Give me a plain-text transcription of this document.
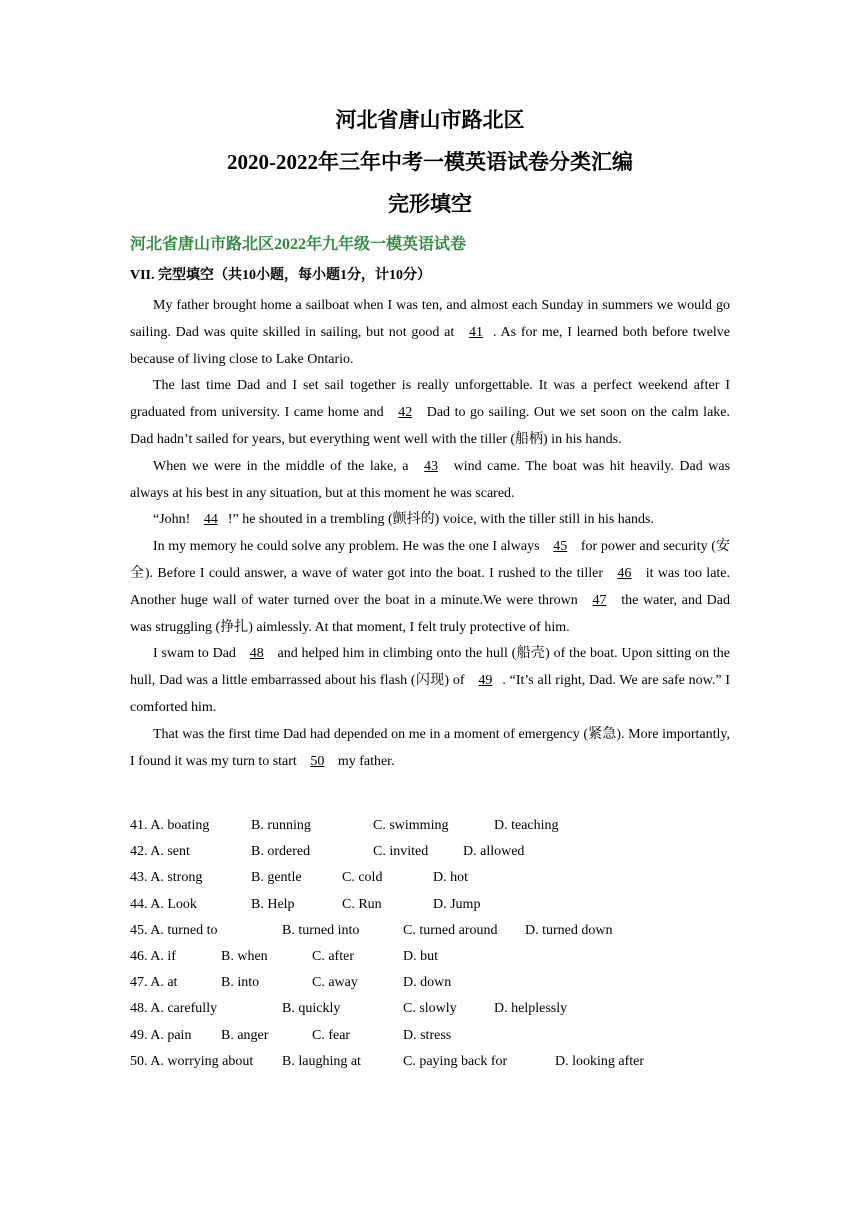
河北省唐山市路北区
2020-2022年三年中考一模英语试卷分类汇编
完形填空
河北省唐山市路北区2022年九年级一模英语试卷
VII. 完型填空（共10小题，每小题1分，计10分）

My father brought home a sailboat when I was ten, and almost each Sunday in summers we would go sailing. Dad was quite skilled in sailing, but not good at 41 . As for me, I learned both before twelve because of living close to Lake Ontario.

The last time Dad and I set sail together is really unforgettable. It was a perfect weekend after I graduated from university. I came home and 42 Dad to go sailing. Out we set soon on the calm lake. Dad hadn’t sailed for years, but everything went well with the tiller (船柄) in his hands.

When we were in the middle of the lake, a 43 wind came. The boat was hit heavily. Dad was always at his best in any situation, but at this moment he was scared.

“John! 44 !” he shouted in a trembling (颤抖的) voice, with the tiller still in his hands.

In my memory he could solve any problem. He was the one I always 45 for power and security (安全). Before I could answer, a wave of water got into the boat. I rushed to the tiller 46 it was too late. Another huge wall of water turned over the boat in a minute.We were thrown 47 the water, and Dad was struggling (挣扎) aimlessly. At that moment, I felt truly protective of him.

I swam to Dad 48 and helped him in climbing onto the hull (船壳) of the boat. Upon sitting on the hull, Dad was a little embarrassed about his flash (闪现) of 49 . “It’s all right, Dad. We are safe now.” I comforted him.

That was the first time Dad had depended on me in a moment of emergency (紧急). More importantly, I found it was my turn to start 50 my father.

41. A. boating	B. running	C. swimming	D. teaching
42. A. sent	B. ordered	C. invited D. allowed
43. A. strong	B. gentle	C. cold	D. hot
44. A. Look	B. Help	C. Run	D. Jump
45. A. turned to	B. turned into	C. turned around D. turned down
46. A. if	B. when	C. after	D. but
47. A. at	B. into	C. away	D. down
48. A. carefully	B. quickly	C. slowly	D. helplessly
49. A. pain B. anger	C. fear	D. stress
50. A. worrying about B. laughing at	C. paying back for	D. looking after
